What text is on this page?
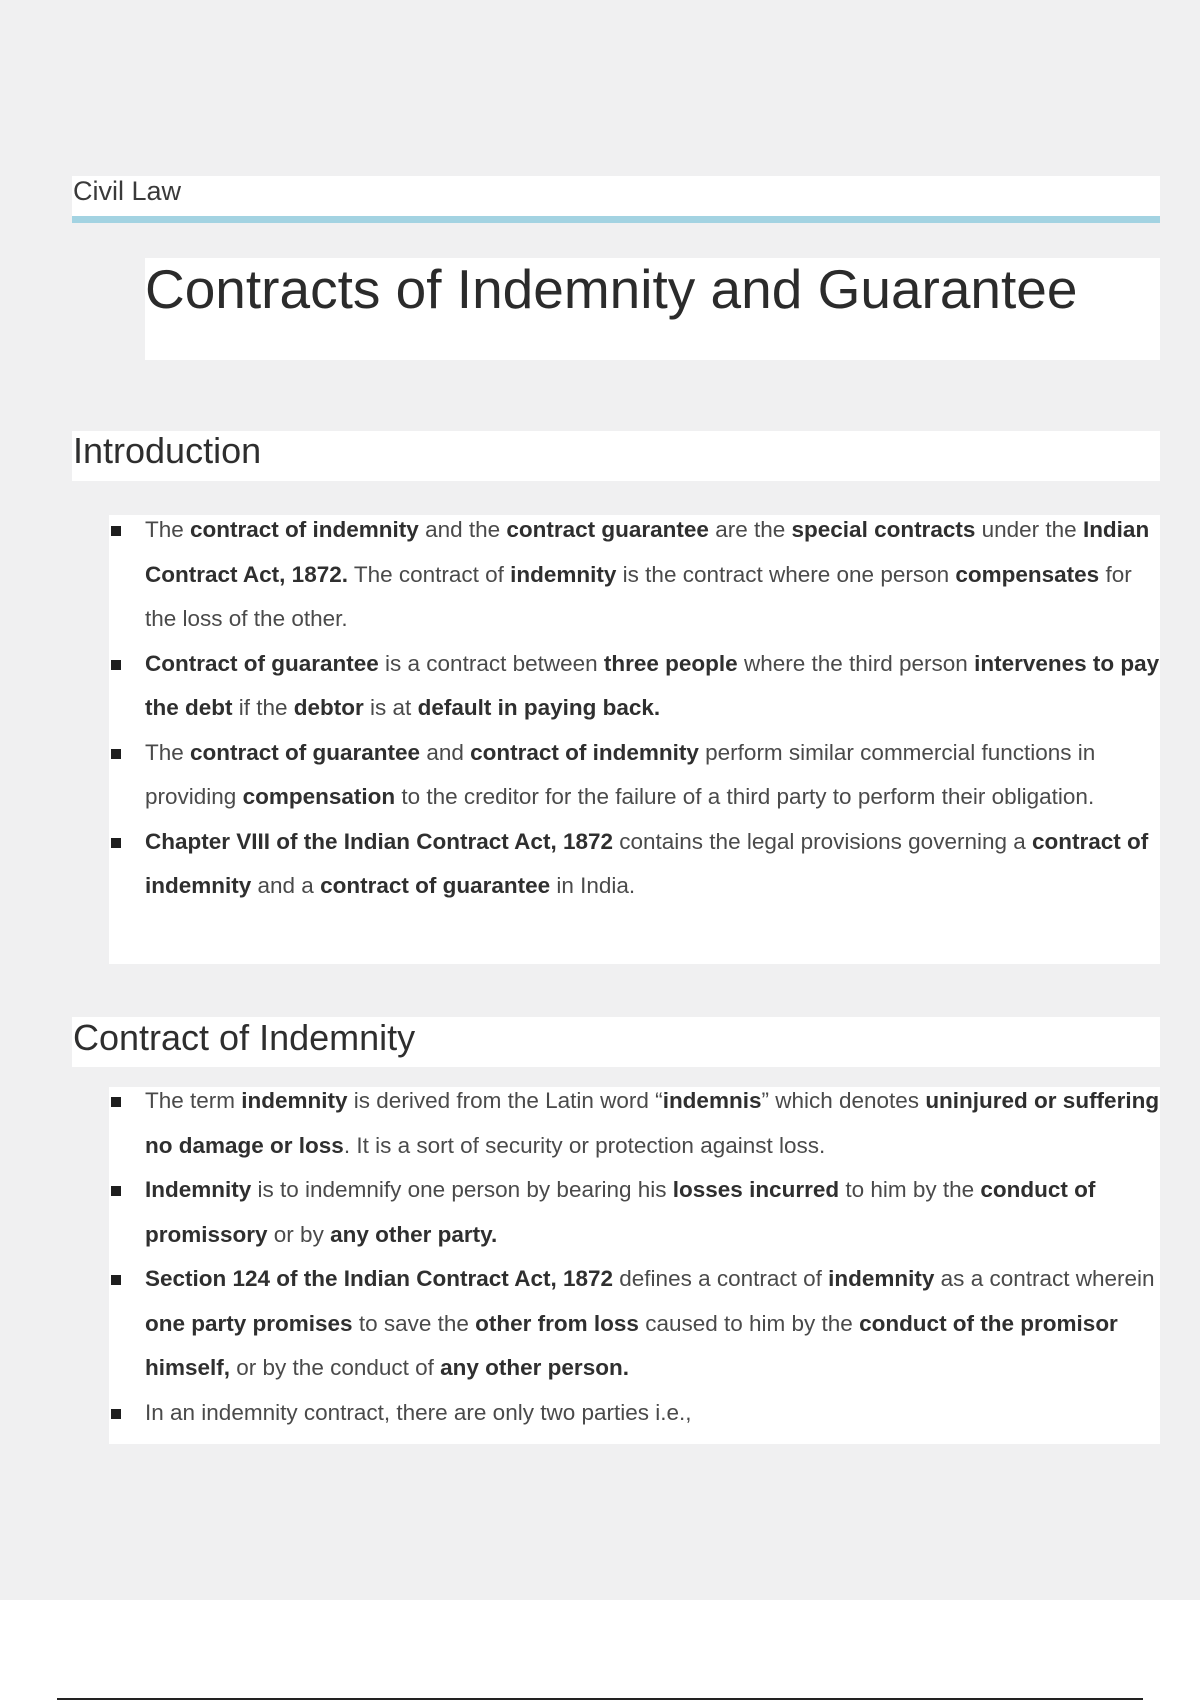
Civil Law
Contracts of Indemnity and Guarantee
Introduction
The contract of indemnity and the contract guarantee are the special contracts under the Indian Contract Act, 1872. The contract of indemnity is the contract where one person compensates for the loss of the other.
Contract of guarantee is a contract between three people where the third person intervenes to pay the debt if the debtor is at default in paying back.
The contract of guarantee and contract of indemnity perform similar commercial functions in providing compensation to the creditor for the failure of a third party to perform their obligation.
Chapter VIII of the Indian Contract Act, 1872 contains the legal provisions governing a contract of indemnity and a contract of guarantee in India.
Contract of Indemnity
The term indemnity is derived from the Latin word “indemnis” which denotes uninjured or suffering no damage or loss. It is a sort of security or protection against loss.
Indemnity is to indemnify one person by bearing his losses incurred to him by the conduct of promissory or by any other party.
Section 124 of the Indian Contract Act, 1872 defines a contract of indemnity as a contract wherein one party promises to save the other from loss caused to him by the conduct of the promisor himself, or by the conduct of any other person.
In an indemnity contract, there are only two parties i.e.,
